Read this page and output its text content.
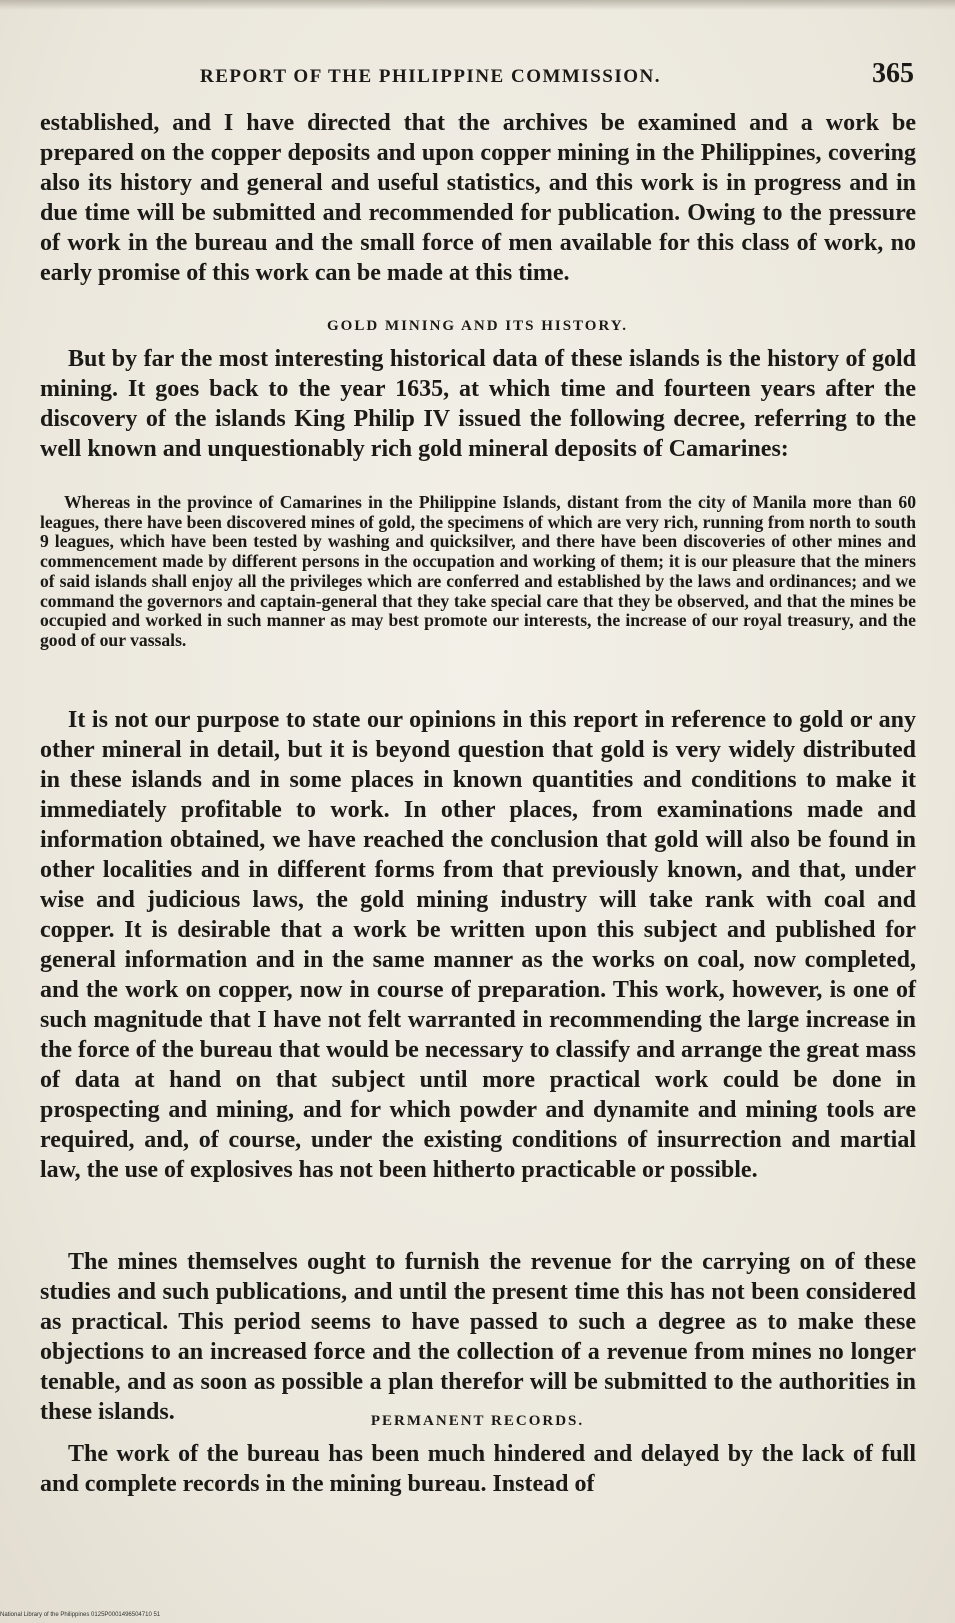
REPORT OF THE PHILIPPINE COMMISSION.	365

established, and I have directed that the archives be examined and a work be prepared on the copper deposits and upon copper mining in the Philippines, covering also its history and general and useful statistics, and this work is in progress and in due time will be submitted and recommended for publication. Owing to the pressure of work in the bureau and the small force of men available for this class of work, no early promise of this work can be made at this time.

GOLD MINING AND ITS HISTORY.

But by far the most interesting historical data of these islands is the history of gold mining. It goes back to the year 1635, at which time and fourteen years after the discovery of the islands King Philip IV issued the following decree, referring to the well known and unquestionably rich gold mineral deposits of Camarines:

Whereas in the province of Camarines in the Philippine Islands, distant from the city of Manila more than 60 leagues, there have been discovered mines of gold, the specimens of which are very rich, running from north to south 9 leagues, which have been tested by washing and quicksilver, and there have been discoveries of other mines and commencement made by different persons in the occupation and working of them; it is our pleasure that the miners of said islands shall enjoy all the privileges which are conferred and established by the laws and ordinances; and we command the governors and captain-general that they take special care that they be observed, and that the mines be occupied and worked in such manner as may best promote our interests, the increase of our royal treasury, and the good of our vassals.

It is not our purpose to state our opinions in this report in reference to gold or any other mineral in detail, but it is beyond question that gold is very widely distributed in these islands and in some places in known quantities and conditions to make it immediately profitable to work. In other places, from examinations made and information obtained, we have reached the conclusion that gold will also be found in other localities and in different forms from that previously known, and that, under wise and judicious laws, the gold mining industry will take rank with coal and copper. It is desirable that a work be written upon this subject and published for general information and in the same manner as the works on coal, now completed, and the work on copper, now in course of preparation. This work, however, is one of such magnitude that I have not felt warranted in recommending the large increase in the force of the bureau that would be necessary to classify and arrange the great mass of data at hand on that subject until more practical work could be done in prospecting and mining, and for which powder and dynamite and mining tools are required, and, of course, under the existing conditions of insurrection and martial law, the use of explosives has not been hitherto practicable or possible.

The mines themselves ought to furnish the revenue for the carrying on of these studies and such publications, and until the present time this has not been considered as practical. This period seems to have passed to such a degree as to make these objections to an increased force and the collection of a revenue from mines no longer tenable, and as soon as possible a plan therefor will be submitted to the authorities in these islands.	PERMANENT RECORDS.

The work of the bureau has been much hindered and delayed by the lack of full and complete records in the mining bureau. Instead of

National Library of the Philippines 0125P0001496504710 51
